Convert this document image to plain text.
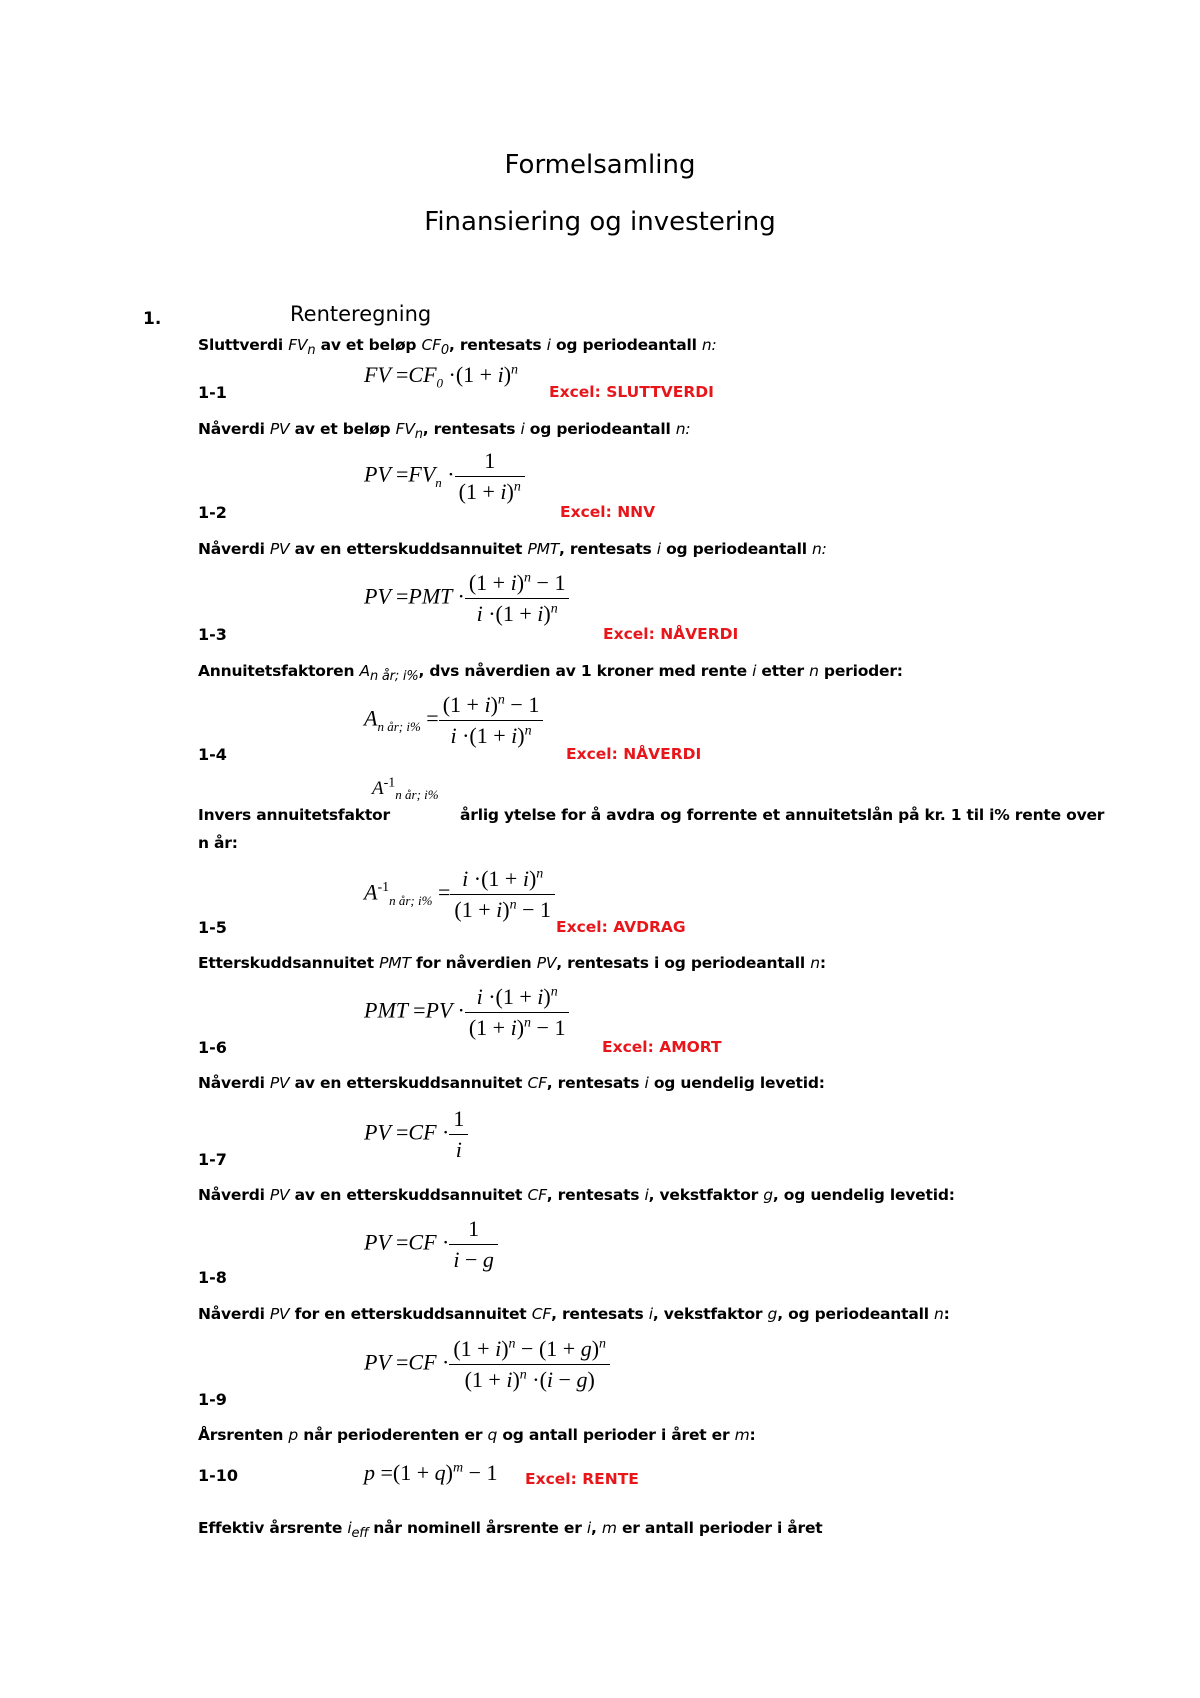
Formelsamling
Finansiering og investering
1.	Renteregning
Sluttverdi $FV_n$ av et beløp $CF_0$, rentesats i og periodeantall n:
FV $=CF_0 \cdot(1 + i)^n$
1-1	Excel: SLUTTVERDI
Nåverdi PV av et beløp $FV_n$, rentesats i og periodeantall n:
PV $=FV_n \cdot \frac{1}{(1 + i)^n}$
1-2	Excel: NNV
Nåverdi PV av en etterskuddsannuitet PMT, rentesats i og periodeantall n:
PV $=PMT \cdot \frac{(1 + i)^n - 1}{i \cdot(1 + i)^n}$
1-3	Excel: NÅVERDI
Annuitetsfaktoren $A_{n år; i\%}$, dvs nåverdien av 1 kroner med rente i etter n perioder:
$A_{n år; i\%} = \frac{(1 + i)^n - 1}{i \cdot(1 + i)^n}$
1-4	Excel: NÅVERDI
$A^{-1}_{n år; i\%}$
Invers annuitetsfaktor	årlig ytelse for å avdra og forrente et annuitetslån på kr. 1 til i% rente over
n år:
$A^{-1}_{n år; i\%} = \frac{i \cdot(1 + i)^n}{(1 + i)^n - 1}$
1-5	Excel: AVDRAG
Etterskuddsannuitet PMT for nåverdien PV, rentesats i og periodeantall n:
PMT $=PV \cdot \frac{i \cdot(1 + i)^n}{(1 + i)^n - 1}$
1-6	Excel: AMORT
Nåverdi PV av en etterskuddsannuitet CF, rentesats i og uendelig levetid:
PV $=CF \cdot \frac{1}{i}$
1-7
Nåverdi PV av en etterskuddsannuitet CF, rentesats i, vekstfaktor g, og uendelig levetid:
PV $=CF \cdot \frac{1}{i - g}$
1-8
Nåverdi PV for en etterskuddsannuitet CF, rentesats i, vekstfaktor g, og periodeantall n:
PV $=CF \cdot \frac{(1 + i)^n - (1 + g)^n}{(1 + i)^n \cdot(i - g)}$
1-9
Årsrenten p når perioderenten er q og antall perioder i året er m:
$p =(1 + q)^m - 1$
1-10	Excel: RENTE
Effektiv årsrente $i_{eff}$ når nominell årsrente er i, m er antall perioder i året
